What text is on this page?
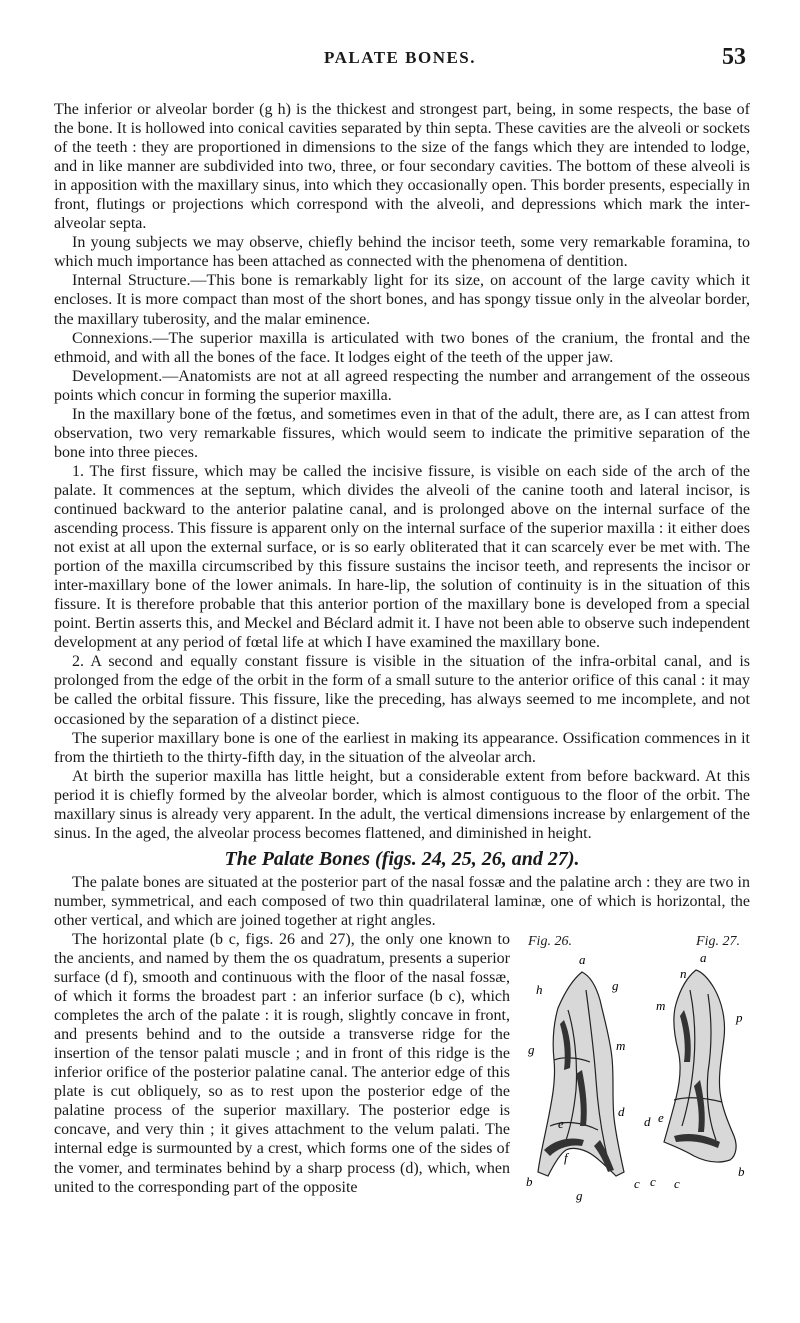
PALATE BONES.	53

The inferior or alveolar border (g h) is the thickest and strongest part, being, in some respects, the base of the bone. It is hollowed into conical cavities separated by thin septa. These cavities are the alveoli or sockets of the teeth : they are proportioned in dimensions to the size of the fangs which they are intended to lodge, and in like manner are subdivided into two, three, or four secondary cavities. The bottom of these alveoli is in apposition with the maxillary sinus, into which they occasionally open. This border presents, especially in front, flutings or projections which correspond with the alveoli, and depressions which mark the inter-alveolar septa.

In young subjects we may observe, chiefly behind the incisor teeth, some very remarkable foramina, to which much importance has been attached as connected with the phenomena of dentition.

Internal Structure.—This bone is remarkably light for its size, on account of the large cavity which it encloses. It is more compact than most of the short bones, and has spongy tissue only in the alveolar border, the maxillary tuberosity, and the malar eminence.

Connexions.—The superior maxilla is articulated with two bones of the cranium, the frontal and the ethmoid, and with all the bones of the face. It lodges eight of the teeth of the upper jaw.

Development.—Anatomists are not at all agreed respecting the number and arrangement of the osseous points which concur in forming the superior maxilla.

In the maxillary bone of the fœtus, and sometimes even in that of the adult, there are, as I can attest from observation, two very remarkable fissures, which would seem to indicate the primitive separation of the bone into three pieces.

1. The first fissure, which may be called the incisive fissure, is visible on each side of the arch of the palate. It commences at the septum, which divides the alveoli of the canine tooth and lateral incisor, is continued backward to the anterior palatine canal, and is prolonged above on the internal surface of the ascending process. This fissure is apparent only on the internal surface of the superior maxilla : it either does not exist at all upon the external surface, or is so early obliterated that it can scarcely ever be met with. The portion of the maxilla circumscribed by this fissure sustains the incisor teeth, and represents the incisor or inter-maxillary bone of the lower animals. In hare-lip, the solution of continuity is in the situation of this fissure. It is therefore probable that this anterior portion of the maxillary bone is developed from a special point. Bertin asserts this, and Meckel and Béclard admit it. I have not been able to observe such independent development at any period of fœtal life at which I have examined the maxillary bone.

2. A second and equally constant fissure is visible in the situation of the infra-orbital canal, and is prolonged from the edge of the orbit in the form of a small suture to the anterior orifice of this canal : it may be called the orbital fissure. This fissure, like the preceding, has always seemed to me incomplete, and not occasioned by the separation of a distinct piece.

The superior maxillary bone is one of the earliest in making its appearance. Ossification commences in it from the thirtieth to the thirty-fifth day, in the situation of the alveolar arch.

At birth the superior maxilla has little height, but a considerable extent from before backward. At this period it is chiefly formed by the alveolar border, which is almost contiguous to the floor of the orbit. The maxillary sinus is already very apparent. In the adult, the vertical dimensions increase by enlargement of the sinus. In the aged, the alveolar process becomes flattened, and diminished in height.

The Palate Bones (figs. 24, 25, 26, and 27).

The palate bones are situated at the posterior part of the nasal fossæ and the palatine arch : they are two in number, symmetrical, and each composed of two thin quadrilateral laminæ, one of which is horizontal, the other vertical, and which are joined together at right angles.

Fig. 26.	Fig. 27.
a
h	g
m
g
e
d
f
b
g
c
a
n
p
m
e
d
c c
b

The horizontal plate (b c, figs. 26 and 27), the only one known to the ancients, and named by them the os quadratum, presents a superior surface (d f), smooth and continuous with the floor of the nasal fossæ, of which it forms the broadest part : an inferior surface (b c), which completes the arch of the palate : it is rough, slightly concave in front, and presents behind and to the outside a transverse ridge for the insertion of the tensor palati muscle ; and in front of this ridge is the inferior orifice of the posterior palatine canal. The anterior edge of this plate is cut obliquely, so as to rest upon the posterior edge of the palatine process of the superior maxillary. The posterior edge is concave, and very thin ; it gives attachment to the velum palati. The internal edge is surmounted by a crest, which forms one of the sides of the vomer, and terminates behind by a sharp process (d), which, when united to the corresponding part of the opposite
